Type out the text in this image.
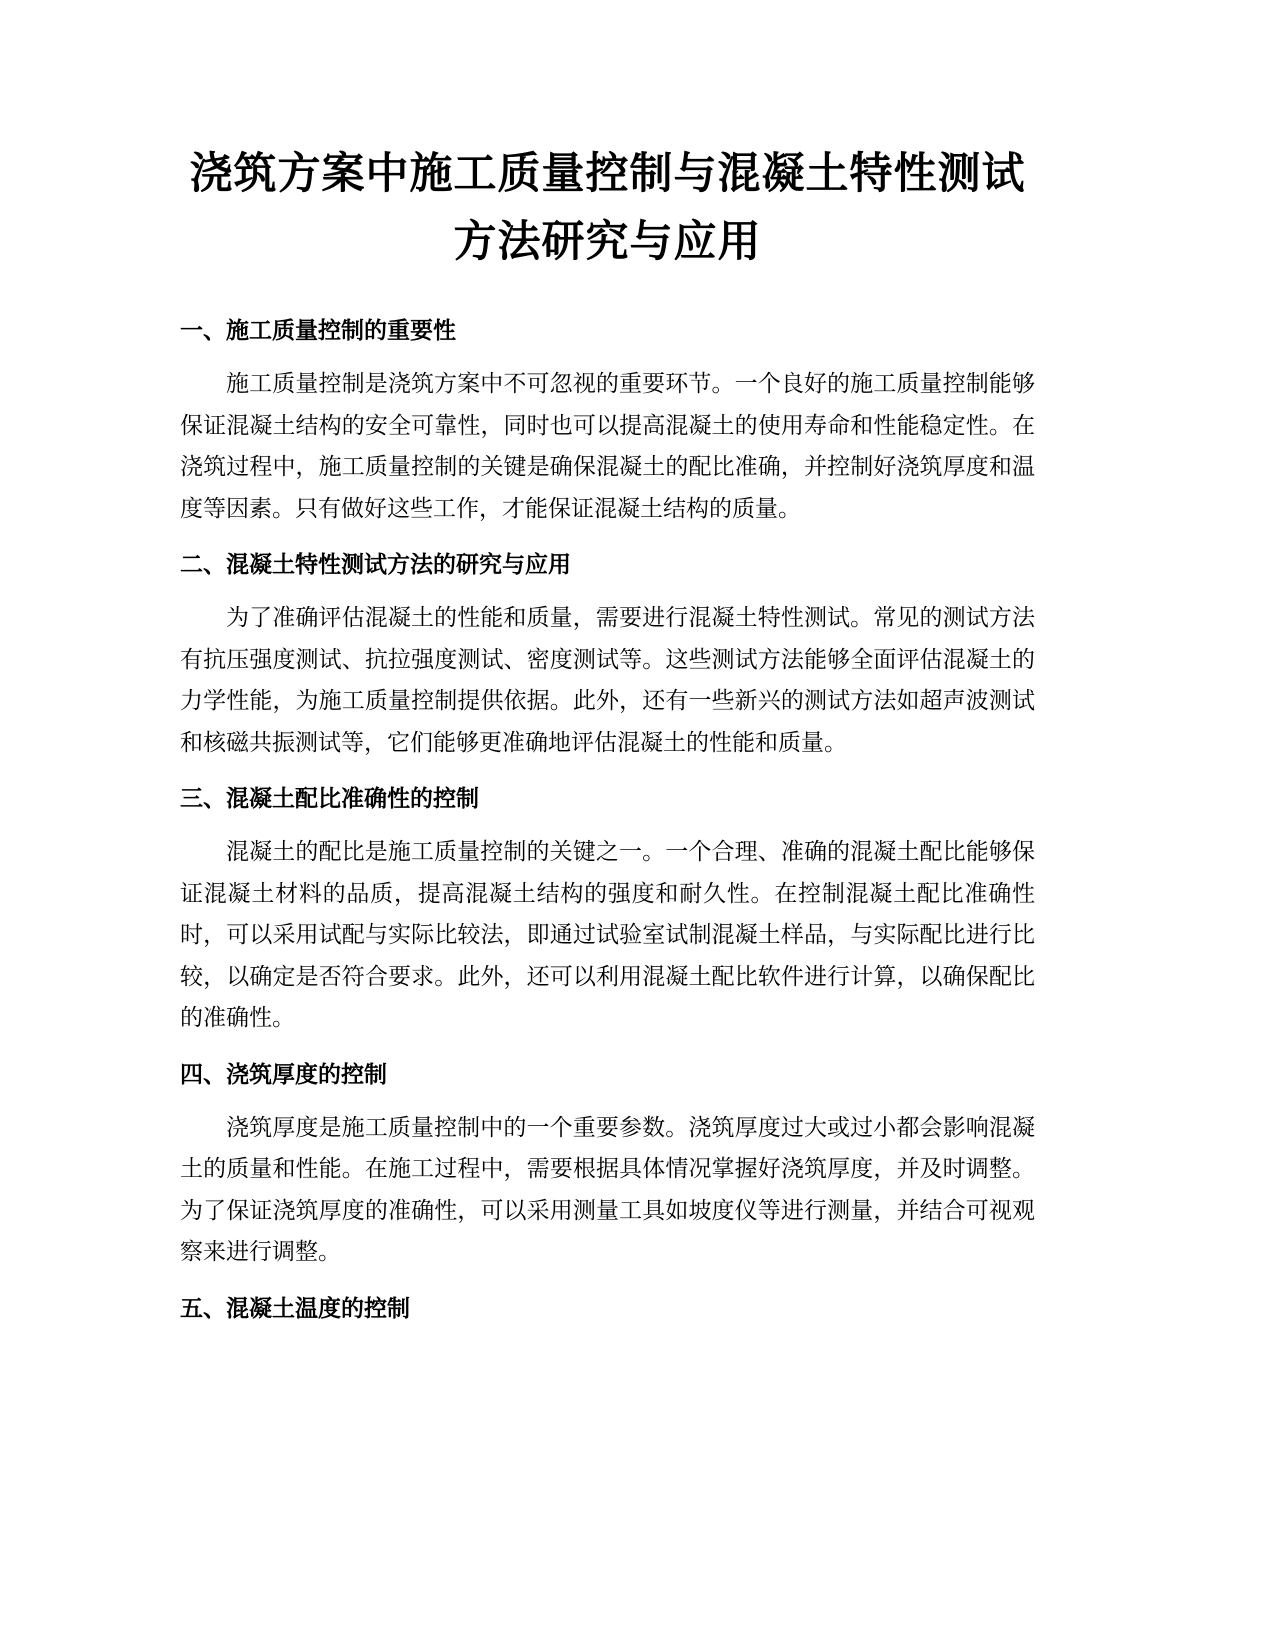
浇筑方案中施工质量控制与混凝土特性测试
方法研究与应用
一、施工质量控制的重要性

施工质量控制是浇筑方案中不可忽视的重要环节。一个良好的施工质量控制能够保证混凝土结构的安全可靠性，同时也可以提高混凝土的使用寿命和性能稳定性。在浇筑过程中，施工质量控制的关键是确保混凝土的配比准确，并控制好浇筑厚度和温度等因素。只有做好这些工作，才能保证混凝土结构的质量。

二、混凝土特性测试方法的研究与应用

为了准确评估混凝土的性能和质量，需要进行混凝土特性测试。常见的测试方法有抗压强度测试、抗拉强度测试、密度测试等。这些测试方法能够全面评估混凝土的力学性能，为施工质量控制提供依据。此外，还有一些新兴的测试方法如超声波测试和核磁共振测试等，它们能够更准确地评估混凝土的性能和质量。

三、混凝土配比准确性的控制

混凝土的配比是施工质量控制的关键之一。一个合理、准确的混凝土配比能够保证混凝土材料的品质，提高混凝土结构的强度和耐久性。在控制混凝土配比准确性时，可以采用试配与实际比较法，即通过试验室试制混凝土样品，与实际配比进行比较，以确定是否符合要求。此外，还可以利用混凝土配比软件进行计算，以确保配比的准确性。

四、浇筑厚度的控制

浇筑厚度是施工质量控制中的一个重要参数。浇筑厚度过大或过小都会影响混凝土的质量和性能。在施工过程中，需要根据具体情况掌握好浇筑厚度，并及时调整。为了保证浇筑厚度的准确性，可以采用测量工具如坡度仪等进行测量，并结合可视观察来进行调整。

五、混凝土温度的控制
